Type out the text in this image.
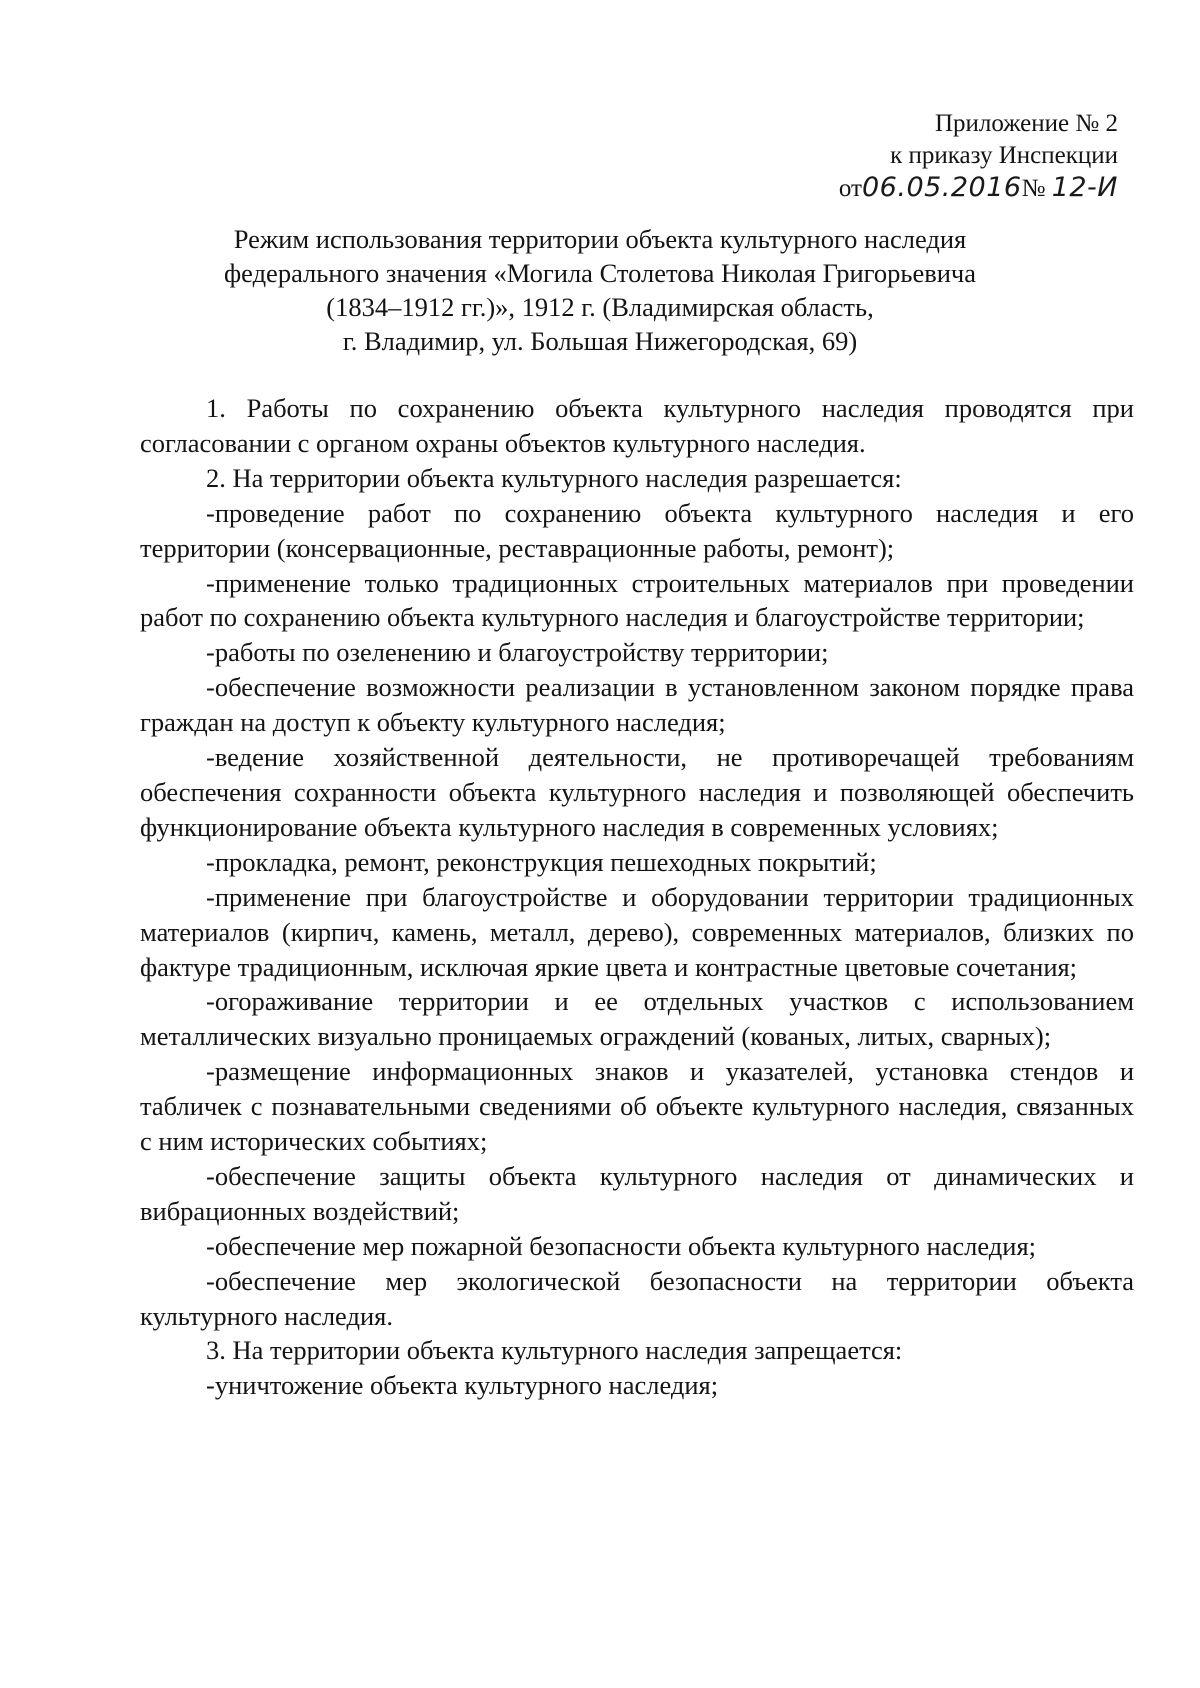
Приложение № 2
к приказу Инспекции
от06.05.2016№ 12-И
Режим использования территории объекта культурного наследия
федерального значения «Могила Столетова Николая Григорьевича
(1834–1912 гг.)», 1912 г. (Владимирская область,
г. Владимир, ул. Большая Нижегородская, 69)

1. Работы по сохранению объекта культурного наследия проводятся при согласовании с органом охраны объектов культурного наследия.

2. На территории объекта культурного наследия разрешается:

-проведение работ по сохранению объекта культурного наследия и его территории (консервационные, реставрационные работы, ремонт);

-применение только традиционных строительных материалов при проведении работ по сохранению объекта культурного наследия и благоустройстве территории;

-работы по озеленению и благоустройству территории;

-обеспечение возможности реализации в установленном законом порядке права граждан на доступ к объекту культурного наследия;

-ведение хозяйственной деятельности, не противоречащей требованиям обеспечения сохранности объекта культурного наследия и позволяющей обеспечить функционирование объекта культурного наследия в современных условиях;

-прокладка, ремонт, реконструкция пешеходных покрытий;

-применение при благоустройстве и оборудовании территории традиционных материалов (кирпич, камень, металл, дерево), современных материалов, близких по фактуре традиционным, исключая яркие цвета и контрастные цветовые сочетания;

-огораживание территории и ее отдельных участков с использованием металлических визуально проницаемых ограждений (кованых, литых, сварных);

-размещение информационных знаков и указателей, установка стендов и табличек с познавательными сведениями об объекте культурного наследия, связанных с ним исторических событиях;

-обеспечение защиты объекта культурного наследия от динамических и вибрационных воздействий;

-обеспечение мер пожарной безопасности объекта культурного наследия;

-обеспечение мер экологической безопасности на территории объекта культурного наследия.

3. На территории объекта культурного наследия запрещается:

-уничтожение объекта культурного наследия;
